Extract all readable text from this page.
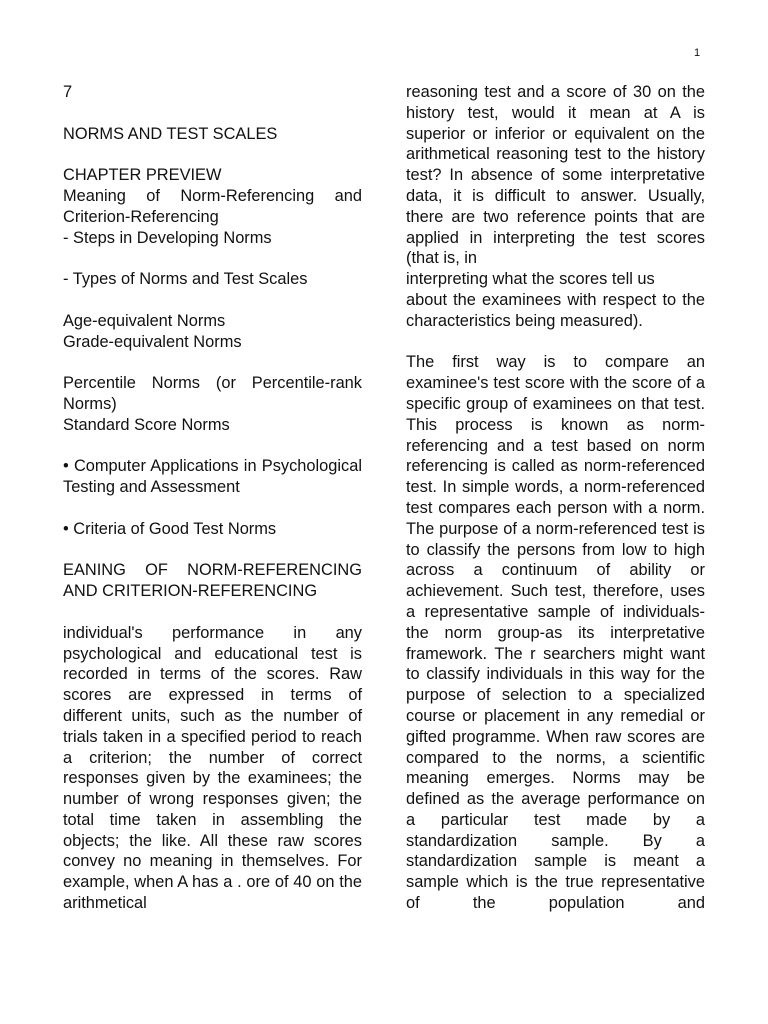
1

7

NORMS AND TEST SCALES

CHAPTER PREVIEW

Meaning of Norm-Referencing and Criterion-Referencing

- Steps in Developing Norms

- Types of Norms and Test Scales

Age-equivalent Norms

Grade-equivalent Norms

Percentile Norms (or Percentile-rank Norms)

Standard Score Norms

• Computer Applications in Psychological Testing and Assessment

• Criteria of Good Test Norms

EANING OF NORM-REFERENCING AND CRITERION-REFERENCING

individual's performance in any psychological and educational test is recorded in terms of the scores. Raw scores are expressed in terms of different units, such as the number of trials taken in a specified period to reach a criterion; the number of correct responses given by the examinees; the number of wrong responses given; the total time taken in assembling the objects; the like. All these raw scores convey no meaning in themselves. For example, when A has a . ore of 40 on the arithmetical

reasoning test and a score of 30 on the history test, would it mean at A is superior or inferior or equivalent on the arithmetical reasoning test to the history test? In absence of some interpretative data, it is difficult to answer. Usually, there are two reference points that are applied in interpreting the test scores (that is, in

interpreting what the scores tell us

about the examinees with respect to the characteristics being measured).

The first way is to compare an examinee's test score with the score of a specific group of examinees on that test. This process is known as norm-referencing and a test based on norm referencing is called as norm-referenced test. In simple words, a norm-referenced test compares each person with a norm. The purpose of a norm-referenced test is to classify the persons from low to high across a continuum of ability or achievement. Such test, therefore, uses a representative sample of individuals-the norm group-as its interpretative framework. The r searchers might want to classify individuals in this way for the purpose of selection to a specialized course or placement in any remedial or gifted programme. When raw scores are compared to the norms, a scientific meaning emerges. Norms may be defined as the average performance on a particular test made by a standardization sample. By a standardization sample is meant a sample which is the true representative of the population and
